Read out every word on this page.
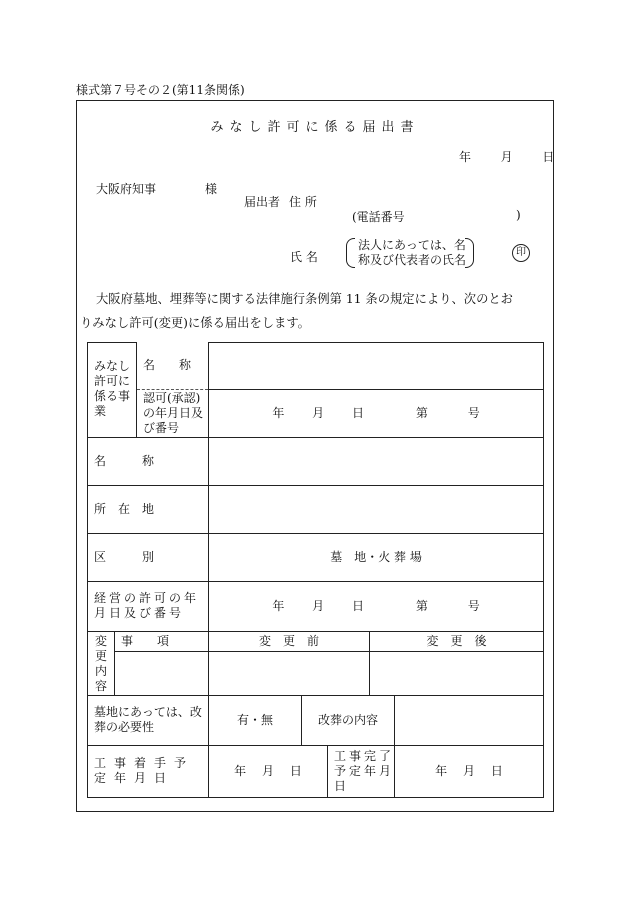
様式第７号その２(第11条関係)
みなし許可に係る届出書
年 月 日
大阪府知事	様
届出者 住 所
(電話番号	)
氏 名
法人にあっては、名
称及び代表者の氏名
印
大阪府墓地、埋葬等に関する法律施行条例第 11 条の規定により、次のとお
りみなし許可(変更)に係る届出をします。
みなし許可に係る事業		名　　称					

		認可(承認)の年月日及び番号	年   月   日     第    号				
名　　　称							
所　在　地							
区　　　別			墓　地・火 葬 場				

経営の許可の年月日及び番号			年   月   日     第    号				

変更内容	事　　項		変　更　前			変　更　後	

墓地にあっては、改葬の必要性			有・無	改葬の内容			

工事着手予定年月日			年  月  日		工事完了予定年月日		年  月  日
